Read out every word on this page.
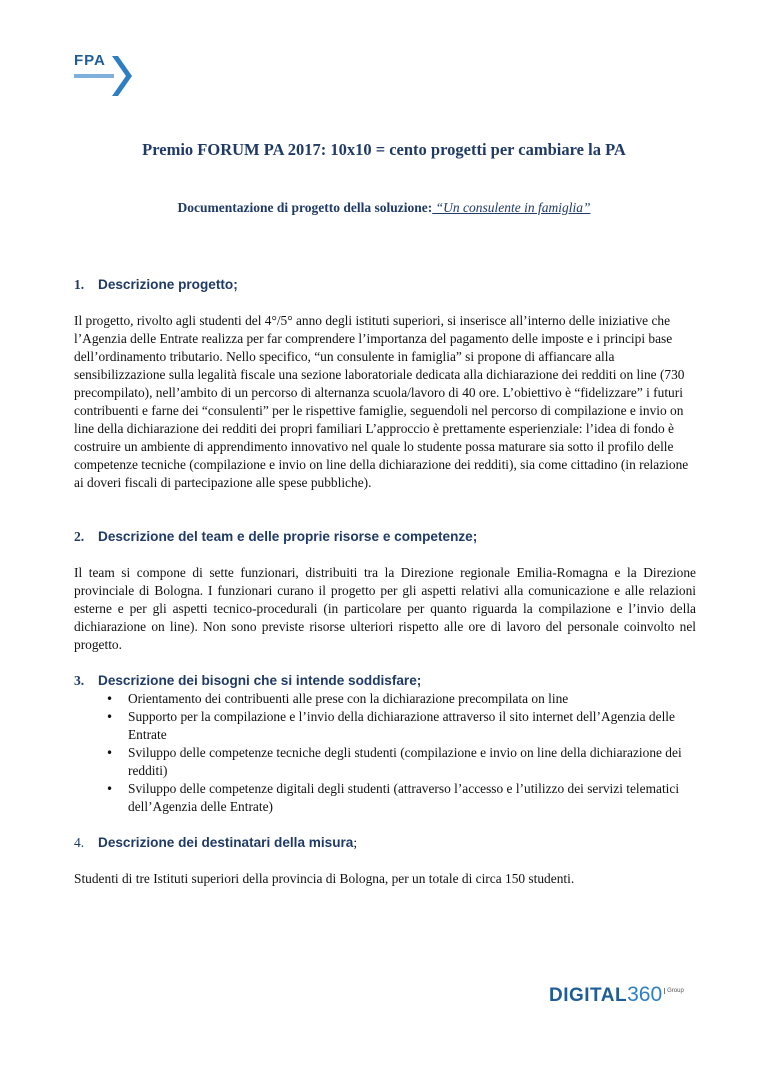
FPA
Premio FORUM PA 2017: 10x10 = cento progetti per cambiare la PA
Documentazione di progetto della soluzione: “Un consulente in famiglia”
1. Descrizione progetto;

Il progetto, rivolto agli studenti del 4°/5° anno degli istituti superiori, si inserisce all’interno delle iniziative che l’Agenzia delle Entrate realizza per far comprendere l’importanza del pagamento delle imposte e i principi base dell’ordinamento tributario. Nello specifico, “un consulente in famiglia” si propone di affiancare alla sensibilizzazione sulla legalità fiscale una sezione laboratoriale dedicata alla dichiarazione dei redditi on line (730 precompilato), nell’ambito di un percorso di alternanza scuola/lavoro di 40 ore. L’obiettivo è “fidelizzare” i futuri contribuenti e farne dei “consulenti” per le rispettive famiglie, seguendoli nel percorso di compilazione e invio on line della dichiarazione dei redditi dei propri familiari L’approccio è prettamente esperienziale: l’idea di fondo è costruire un ambiente di apprendimento innovativo nel quale lo studente possa maturare sia sotto il profilo delle competenze tecniche (compilazione e invio on line della dichiarazione dei redditi), sia come cittadino (in relazione ai doveri fiscali di partecipazione alle spese pubbliche).

2. Descrizione del team e delle proprie risorse e competenze;

Il team si compone di sette funzionari, distribuiti tra la Direzione regionale Emilia-Romagna e la Direzione provinciale di Bologna. I funzionari curano il progetto per gli aspetti relativi alla comunicazione e alle relazioni esterne e per gli aspetti tecnico-procedurali (in particolare per quanto riguarda la compilazione e l’invio della dichiarazione on line). Non sono previste risorse ulteriori rispetto alle ore di lavoro del personale coinvolto nel progetto.

3. Descrizione dei bisogni che si intende soddisfare;
• Orientamento dei contribuenti alle prese con la dichiarazione precompilata on line
• Supporto per la compilazione e l’invio della dichiarazione attraverso il sito internet dell’Agenzia delle Entrate
• Sviluppo delle competenze tecniche degli studenti (compilazione e invio on line della dichiarazione dei redditi)
• Sviluppo delle competenze digitali degli studenti (attraverso l’accesso e l’utilizzo dei servizi telematici dell’Agenzia delle Entrate)
4. Descrizione dei destinatari della misura;

Studenti di tre Istituti superiori della provincia di Bologna, per un totale di circa 150 studenti.

DIGITAL360 $^{Group}$
